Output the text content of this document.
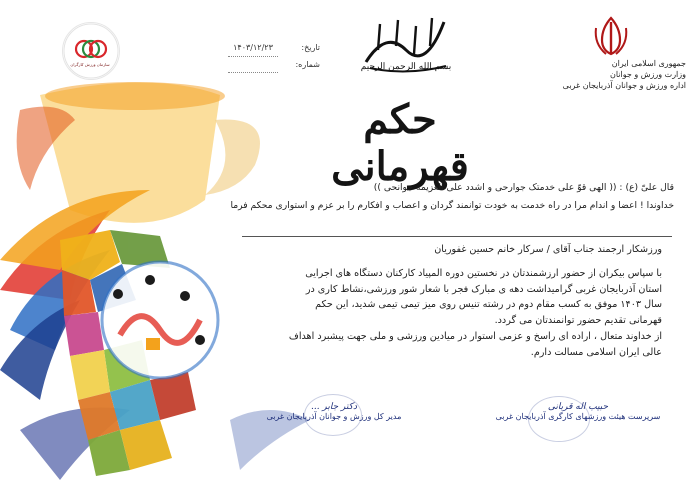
سازمان ورزش کارگران
تاریخ:
۱۴۰۳/۱۲/۲۳
شماره:	بسم الله الرحمن الرحیم
حکم قهرمانی
جمهوری اسلامی ایران
وزارت ورزش و جوانان
اداره ورزش و جوانان آذربایجان غربی
قال علیّ (ع) : (( الهی قوّ علی خدمتک جوارحی و اشدد علی العزیمه جوانحی ))
خداوندا ! اعضا و اندام مرا در راه خدمت به خودت توانمند گردان و اعصاب و افکارم را بر عزم و استواری محکم فرما
ورزشکار ارجمند جناب آقای / سرکار خانم حسین غفوریان
با سپاس بیکران از حضور ارزشمندتان در نخستین دوره المپیاد کارکنان دستگاه های اجرایی
استان آذربایجان غربی گرامیداشت دهه ی مبارک فجر با شعار شور ورزشی،نشاط کاری در
سال ۱۴۰۳ موفق به کسب مقام دوم در رشته تنیس روی میز تیمی تیمی شدید، این حکم
قهرمانی تقدیم حضور توانمندتان می گردد.
از خداوند متعال ، اراده ای راسخ و عزمی استوار در میادین ورزشی و ملی جهت پیشبرد اهداف
عالی ایران اسلامی مسالت دارم.
حبیب اله قربانی
سرپرست هیئت ورزشهای کارگری آذربایجان غربی
دکتر جابر ...
مدیر کل ورزش و جوانان آذربایجان غربی
